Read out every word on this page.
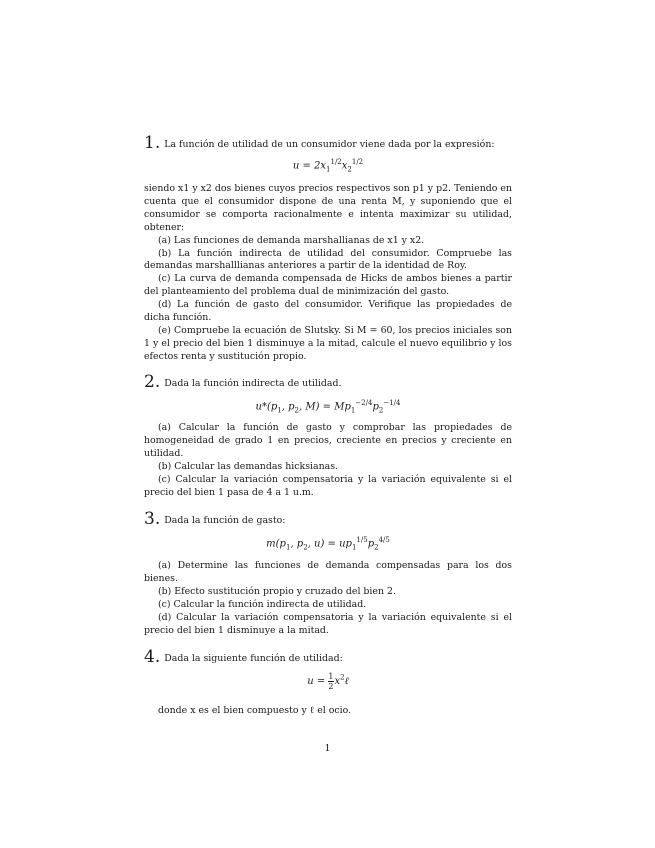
1. La función de utilidad de un consumidor viene dada por la expresión:
$u = 2x_1^{1/2}x_2^{1/2}$

siendo x1 y x2 dos bienes cuyos precios respectivos son p1 y p2. Teniendo en cuenta que el consumidor dispone de una renta M, y suponiendo que el consumidor se comporta racionalmente e intenta maximizar su utilidad, obtener:

(a) Las funciones de demanda marshallianas de x1 y x2.

(b) La función indirecta de utilidad del consumidor. Compruebe las demandas marshalllianas anteriores a partir de la identidad de Roy.

(c) La curva de demanda compensada de Hicks de ambos bienes a partir del planteamiento del problema dual de minimización del gasto.

(d) La función de gasto del consumidor. Verifique las propiedades de dicha función.

(e) Compruebe la ecuación de Slutsky. Si M = 60, los precios iniciales son 1 y el precio del bien 1 disminuye a la mitad, calcule el nuevo equilibrio y los efectos renta y sustitución propio.

2. Dada la función indirecta de utilidad.
$u*(p_1$, $p_2$, $M) = Mp_1^{-2/4}p_2^{-1/4}$

(a) Calcular la función de gasto y comprobar las propiedades de homogeneidad de grado 1 en precios, creciente en precios y creciente en utilidad.

(b) Calcular las demandas hicksianas.

(c) Calcular la variación compensatoria y la variación equivalente si el precio del bien 1 pasa de 4 a 1 u.m.

3. Dada la función de gasto:
$m(p_1$, $p_2$, $u) = up_1^{1/5}p_2^{4/5}$

(a) Determine las funciones de demanda compensadas para los dos bienes.

(b) Efecto sustitución propio y cruzado del bien 2.

(c) Calcular la función indirecta de utilidad.

(d) Calcular la variación compensatoria y la variación equivalente si el precio del bien 1 disminuye a la mitad.

4. Dada la siguiente función de utilidad:
$u = \frac{1}{2}$ $x^2\ell$

donde x es el bien compuesto y ℓ el ocio.

1
